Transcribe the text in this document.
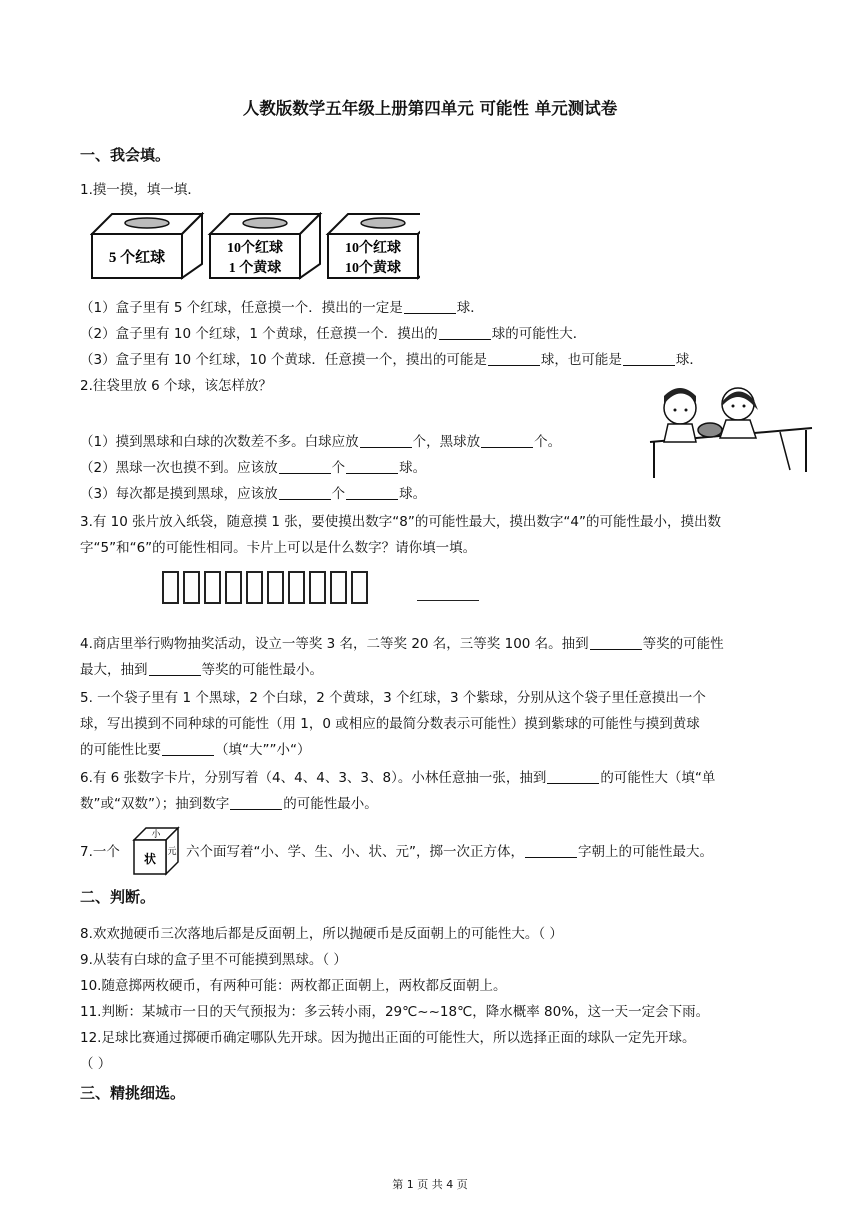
人教版数学五年级上册第四单元 可能性 单元测试卷
一、我会填。
1.摸一摸，填一填．
5 个红球
10个红球
1 个黄球
10个红球
10个黄球
（1）盒子里有 5 个红球，任意摸一个．摸出的一定是	球．
（2）盒子里有 10 个红球，1 个黄球，任意摸一个．摸出的	球的可能性大．
（3）盒子里有 10 个红球，10 个黄球．任意摸一个，摸出的可能是	球，也可能是	球．
2.往袋里放 6 个球，该怎样放？
（1）摸到黑球和白球的次数差不多。白球应放	个，黑球放	个。
（2）黑球一次也摸不到。应该放	个	球。
（3）每次都是摸到黑球，应该放	个	球。
3.有 10 张片放入纸袋，随意摸 1 张，要使摸出数字“8”的可能性最大，摸出数字“4”的可能性最小，摸出数
字“5”和“6”的可能性相同。卡片上可以是什么数字？请你填一填。
4.商店里举行购物抽奖活动，设立一等奖 3 名，二等奖 20 名，三等奖 100 名。抽到	等奖的可能性
最大，抽到	等奖的可能性最小。
5. 一个袋子里有 1 个黑球，2 个白球，2 个黄球，3 个红球，3 个紫球，分别从这个袋子里任意摸出一个
球，写出摸到不同种球的可能性（用 1，0 或相应的最简分数表示可能性）摸到紫球的可能性与摸到黄球
的可能性比要	（填“大””小“）
6.有 6 张数字卡片，分别写着（4、4、4、3、3、8）。小林任意抽一张，抽到	的可能性大（填“单
数”或“双数”）；抽到数字	的可能性最小。
7.一个
小
状 元 六个面写着“小、学、生、小、状、元”，掷一次正方体，	字朝上的可能性最大。
二、判断。
8.欢欢抛硬币三次落地后都是反面朝上，所以抛硬币是反面朝上的可能性大。（ ）
9.从装有白球的盒子里不可能摸到黑球。（ ）
10.随意掷两枚硬币，有两种可能：两枚都正面朝上，两枚都反面朝上。
11.判断：某城市一日的天气预报为：多云转小雨，29℃~~18℃，降水概率 80%，这一天一定会下雨。
12.足球比赛通过掷硬币确定哪队先开球。因为抛出正面的可能性大，所以选择正面的球队一定先开球。
（ ）
三、精挑细选。
第 1 页 共 4 页
